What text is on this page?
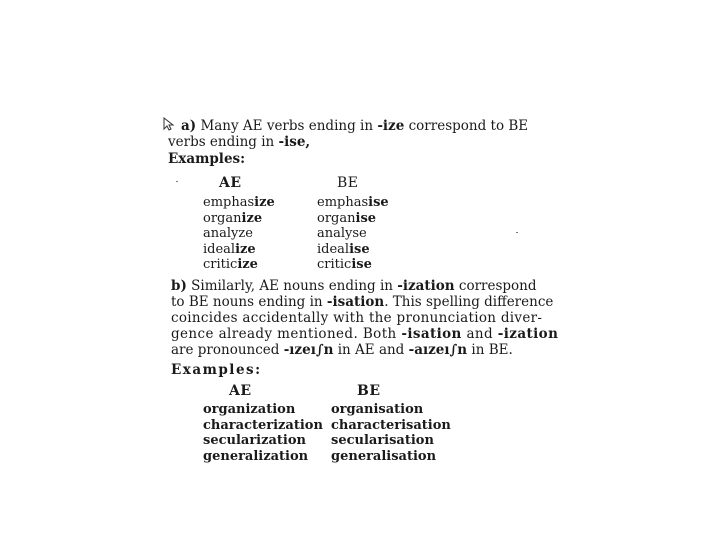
a) Many AE verbs ending in -ize correspond to BE
verbs ending in -ise,
Examples:
AE	BE
emphasize
organize
analyze
idealize
criticize
emphasise
organise
analyse
idealise
criticise
b) Similarly, AE nouns ending in -ization correspond
to BE nouns ending in -isation. This spelling difference
coincides accidentally with the pronunciation diver-
gence already mentioned. Both -isation and -ization
are pronounced -ızeı∫n in AE and -aızeı∫n in BE.
Examples:
AE	BE
organization
characterization
secularization
generalization
organisation
characterisation
secularisation
generalisation
